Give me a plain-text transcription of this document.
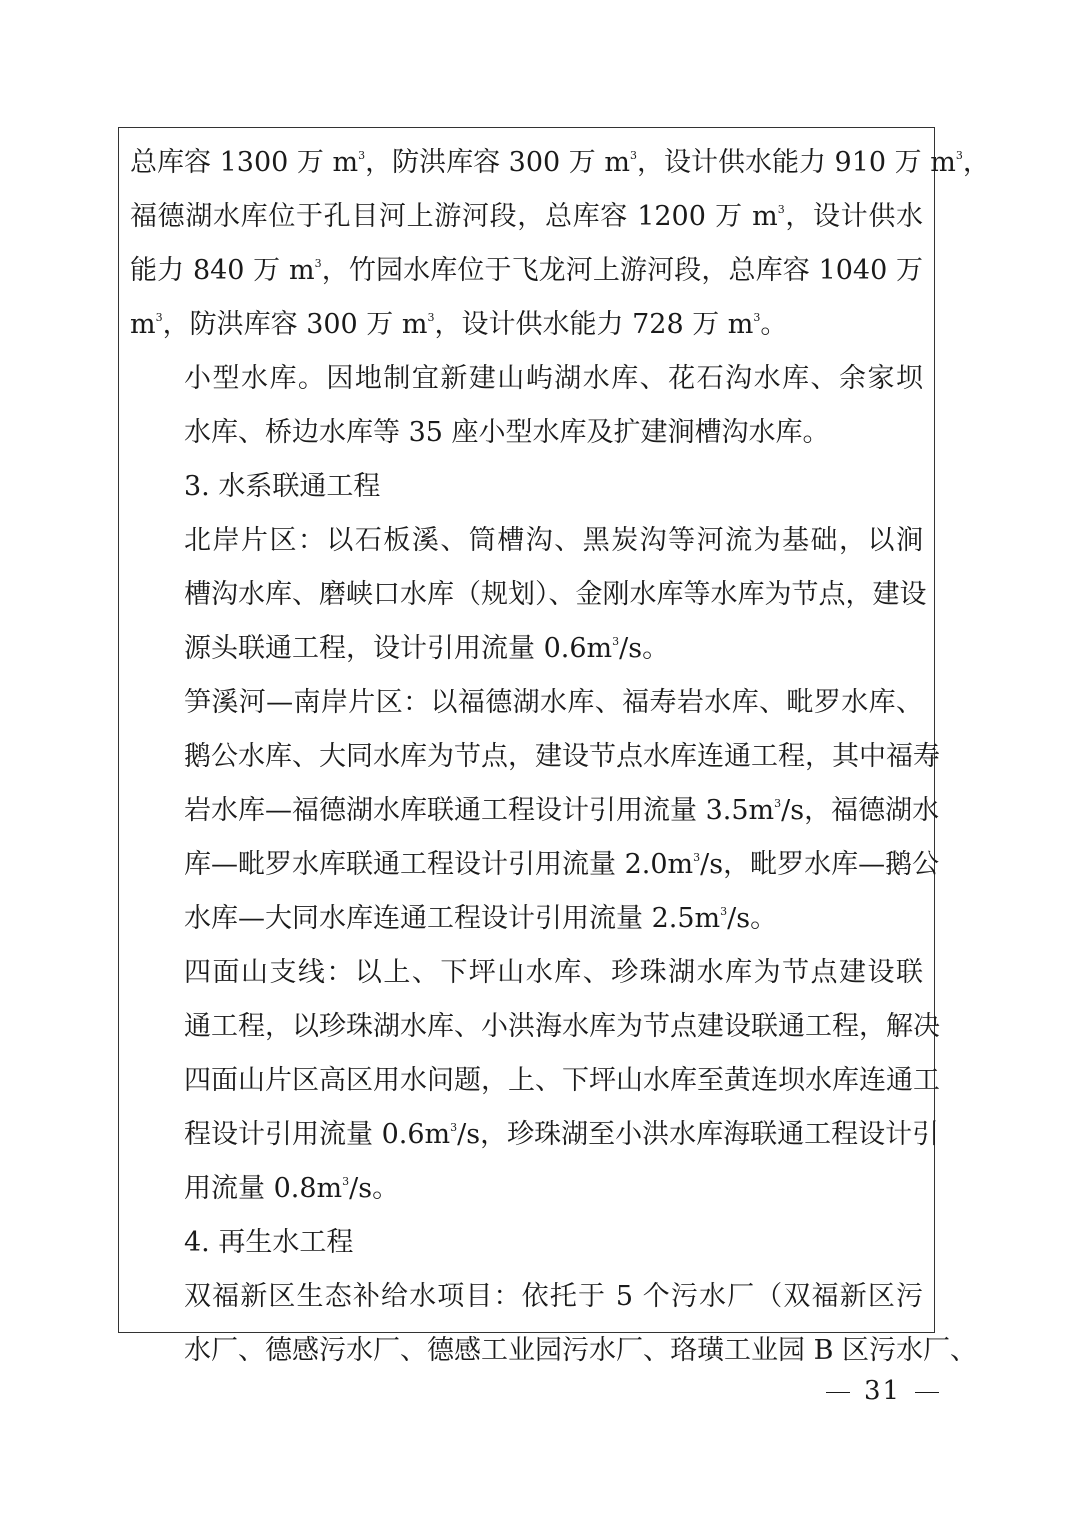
总库容 1300 万 $m^3$，防洪库容 300 万 $m^3$，设计供水能力 910 万 $m^3$，
福德湖水库位于孔目河上游河段，总库容 1200 万 $m^3$，设计供水
能力 840 万 $m^3$，竹园水库位于飞龙河上游河段，总库容 1040 万
$m^3$，防洪库容 300 万 $m^3$，设计供水能力 728 万 $m^3$。

小型水库。因地制宜新建山屿湖水库、花石沟水库、余家坝
水库、桥边水库等 35 座小型水库及扩建涧槽沟水库。

3. 水系联通工程

北岸片区：以石板溪、筒槽沟、黑炭沟等河流为基础，以涧
槽沟水库、磨峡口水库（规划）、金刚水库等水库为节点，建设
源头联通工程，设计引用流量 $0.6m^3/s$。

笋溪河—南岸片区：以福德湖水库、福寿岩水库、毗罗水库、
鹅公水库、大同水库为节点，建设节点水库连通工程，其中福寿
岩水库—福德湖水库联通工程设计引用流量 $3.5m^3/s$，福德湖水
库—毗罗水库联通工程设计引用流量 $2.0m^3/s$，毗罗水库—鹅公
水库—大同水库连通工程设计引用流量 $2.5m^3/s$。

四面山支线：以上、下坪山水库、珍珠湖水库为节点建设联
通工程，以珍珠湖水库、小洪海水库为节点建设联通工程，解决
四面山片区高区用水问题，上、下坪山水库至黄连坝水库连通工
程设计引用流量 $0.6m^3/s$，珍珠湖至小洪水库海联通工程设计引
用流量 $0.8m^3/s$。

4. 再生水工程

双福新区生态补给水项目：依托于 5 个污水厂（双福新区污
水厂、德感污水厂、德感工业园污水厂、珞璜工业园 B 区污水厂、

31
